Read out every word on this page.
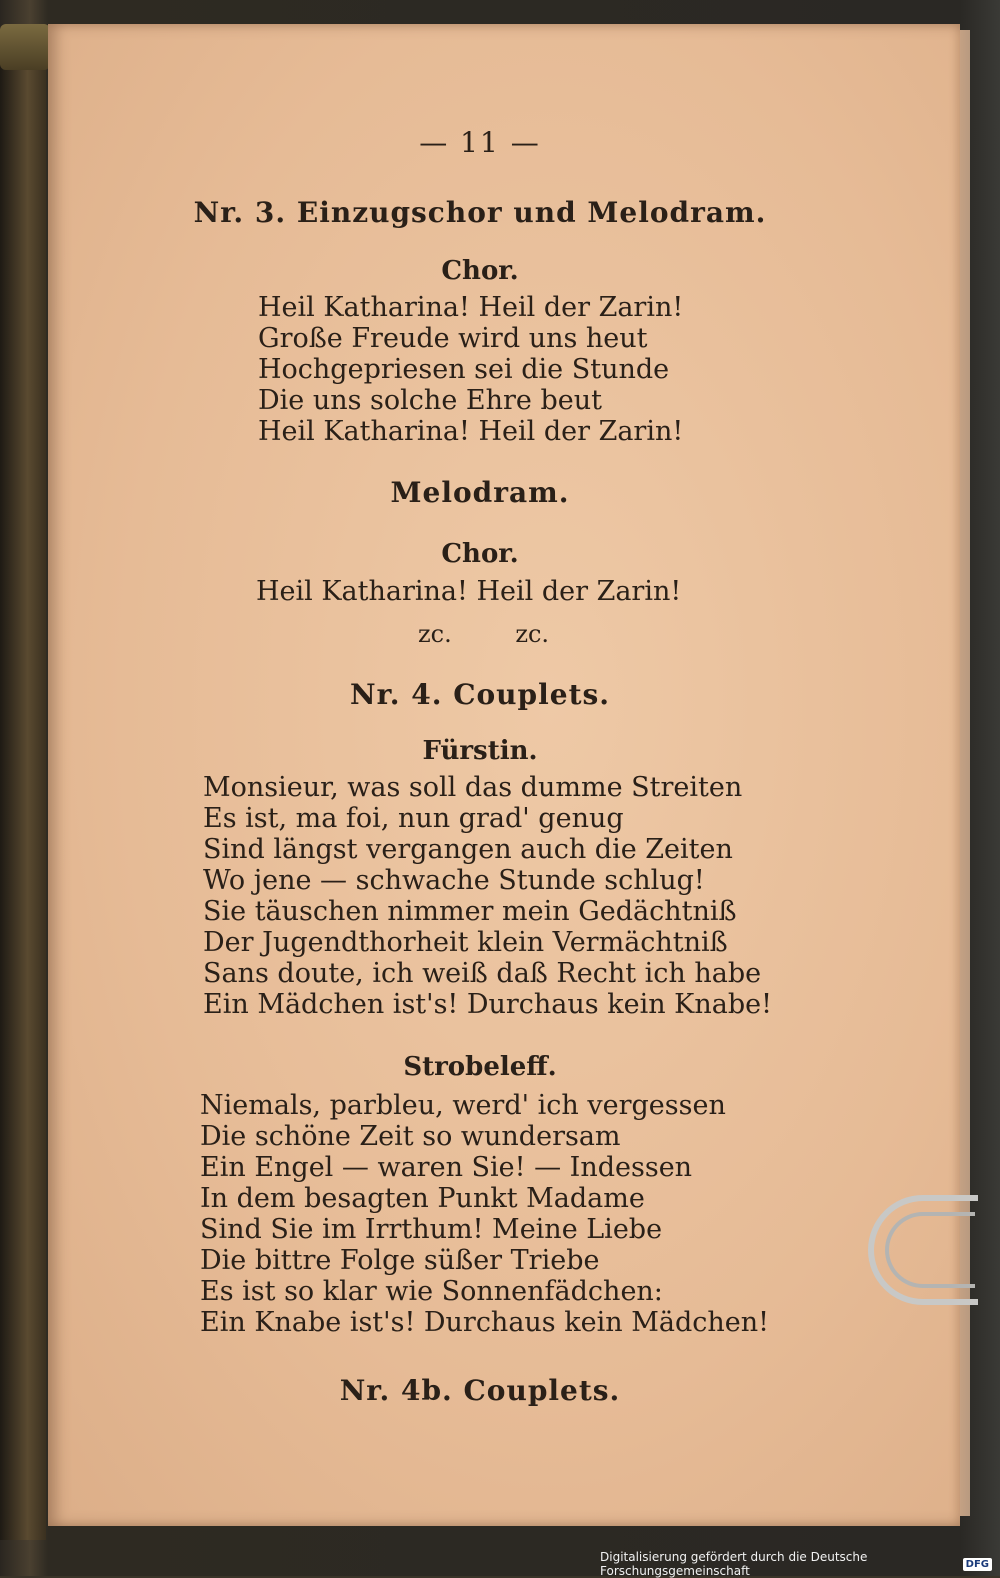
— 11 —
Nr. 3. Einzugschor und Melodram.
Chor.
Heil Katharina! Heil der Zarin!
Große Freude wird uns heut
Hochgepriesen sei die Stunde
Die uns solche Ehre beut
Heil Katharina! Heil der Zarin!
Melodram.
Chor.
Heil Katharina! Heil der Zarin!
zc. zc.
Nr. 4. Couplets.
Fürstin.
Monsieur, was soll das dumme Streiten
Es ist, ma foi, nun grad' genug
Sind längst vergangen auch die Zeiten
Wo jene — schwache Stunde schlug!
Sie täuschen nimmer mein Gedächtniß
Der Jugendthorheit klein Vermächtniß
Sans doute, ich weiß daß Recht ich habe
Ein Mädchen ist's! Durchaus kein Knabe!
Strobeleff.
Niemals, parbleu, werd' ich vergessen
Die schöne Zeit so wundersam
Ein Engel — waren Sie! — Indessen
In dem besagten Punkt Madame
Sind Sie im Irrthum! Meine Liebe
Die bittre Folge süßer Triebe
Es ist so klar wie Sonnenfädchen:
Ein Knabe ist's! Durchaus kein Mädchen!
Nr. 4b. Couplets.
Digitalisierung gefördert durch die Deutsche Forschungsgemeinschaft	DFG
